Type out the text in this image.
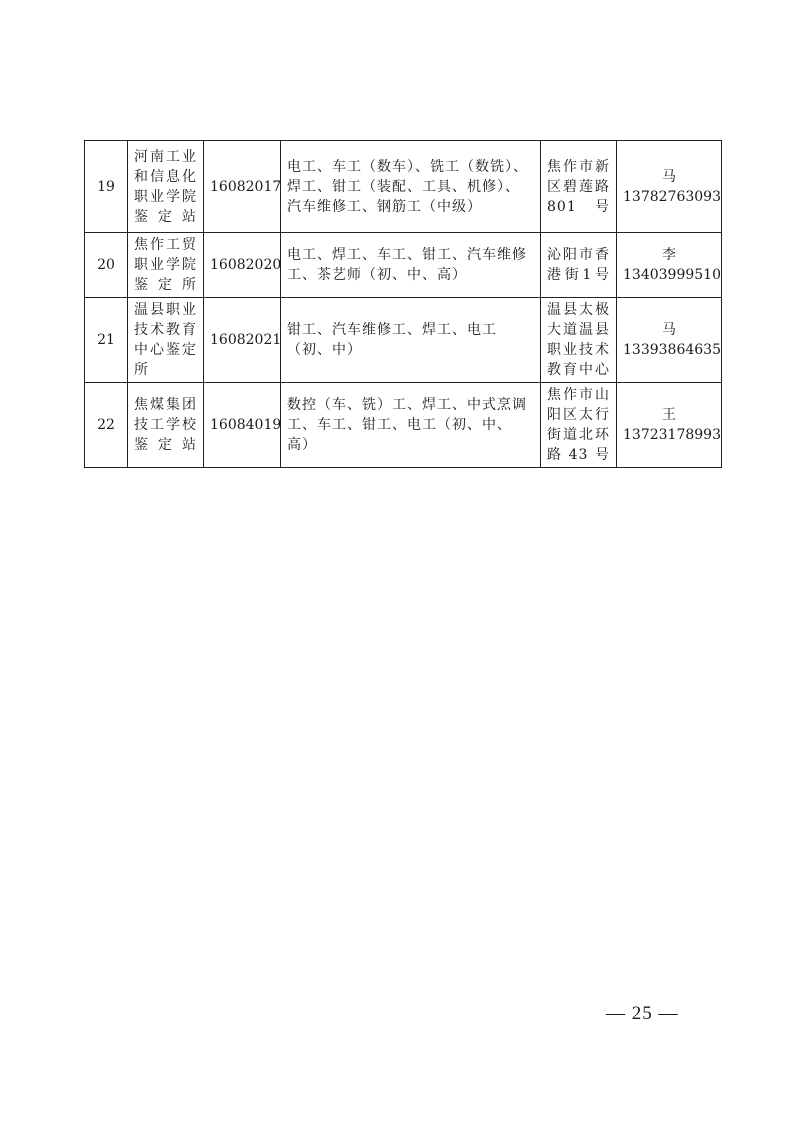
19	河南工业和信息化职业学院鉴定站	16082017	电工、车工（数车）、铣工（数铣）、焊工、钳工（装配、工具、机修）、汽车维修工、钢筋工（中级）	焦作市新区碧莲路801号	马
13782763093

20	焦作工贸职业学院鉴定所	16082020	电工、焊工、车工、钳工、汽车维修工、茶艺师（初、中、高）	沁阳市香港街1号	李
13403999510

21	温县职业技术教育中心鉴定所	16082021	钳工、汽车维修工、焊工、电工（初、中）	温县太极大道温县职业技术教育中心	马
13393864635

22	焦煤集团技工学校鉴定站	16084019	数控（车、铣）工、焊工、中式烹调工、车工、钳工、电工（初、中、高）	焦作市山阳区太行街道北环路43号	王
13723178993
— 25 —
